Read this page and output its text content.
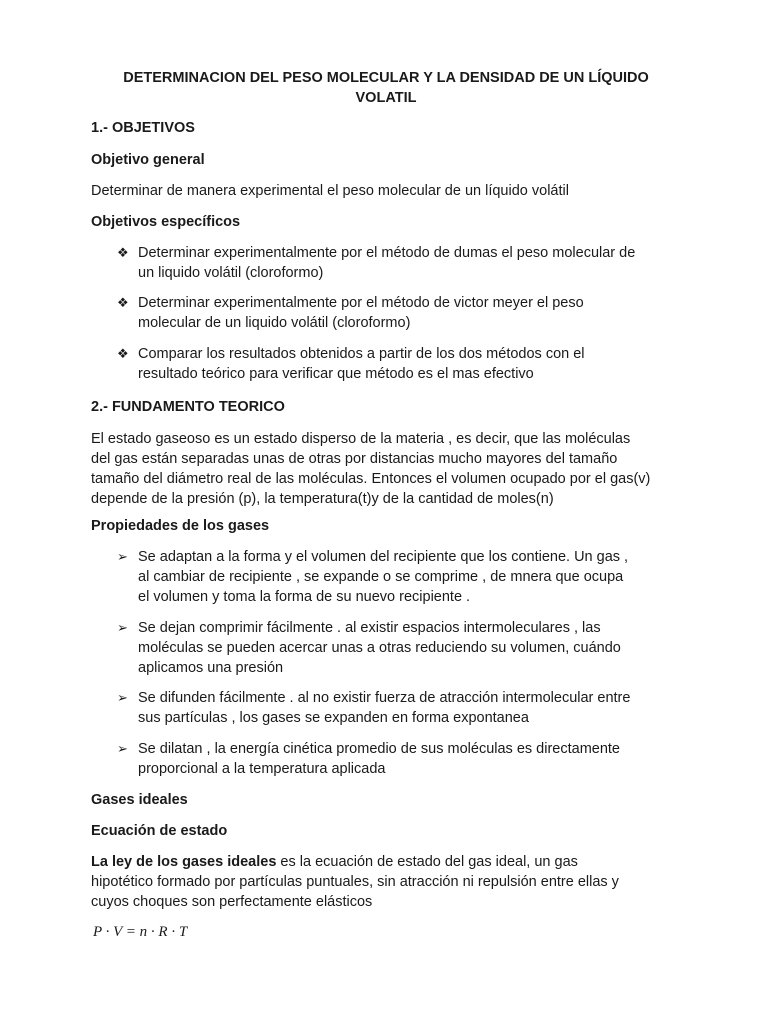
DETERMINACION DEL PESO MOLECULAR Y LA DENSIDAD DE UN LÍQUIDO
VOLATIL
1.- OBJETIVOS
Objetivo general
Determinar de manera experimental el peso molecular de un líquido volátil
Objetivos específicos
❖ Determinar experimentalmente por el método de dumas el peso molecular de
un liquido volátil (cloroformo)
❖ Determinar experimentalmente por el método de victor meyer el peso
molecular de un liquido volátil (cloroformo)
❖ Comparar los resultados obtenidos a partir de los dos métodos con el
resultado teórico para verificar que método es el mas efectivo
2.- FUNDAMENTO TEORICO
El estado gaseoso es un estado disperso de la materia , es decir, que las moléculas
del gas están separadas unas de otras por distancias mucho mayores del tamaño
tamaño del diámetro real de las moléculas. Entonces el volumen ocupado por el gas(v)
depende de la presión (p), la temperatura(t)y de la cantidad de moles(n)
Propiedades de los gases
➢ Se adaptan a la forma y el volumen del recipiente que los contiene. Un gas ,
al cambiar de recipiente , se expande o se comprime , de mnera que ocupa
el volumen y toma la forma de su nuevo recipiente .
➢ Se dejan comprimir fácilmente . al existir espacios intermoleculares , las
moléculas se pueden acercar unas a otras reduciendo su volumen, cuándo
aplicamos una presión
➢ Se difunden fácilmente . al no existir fuerza de atracción intermolecular entre
sus partículas , los gases se expanden en forma expontanea
➢ Se dilatan , la energía cinética promedio de sus moléculas es directamente
proporcional a la temperatura aplicada
Gases ideales
Ecuación de estado
La ley de los gases ideales es la ecuación de estado del gas ideal, un gas
hipotético formado por partículas puntuales, sin atracción ni repulsión entre ellas y
cuyos choques son perfectamente elásticos
P · V = n · R · T
